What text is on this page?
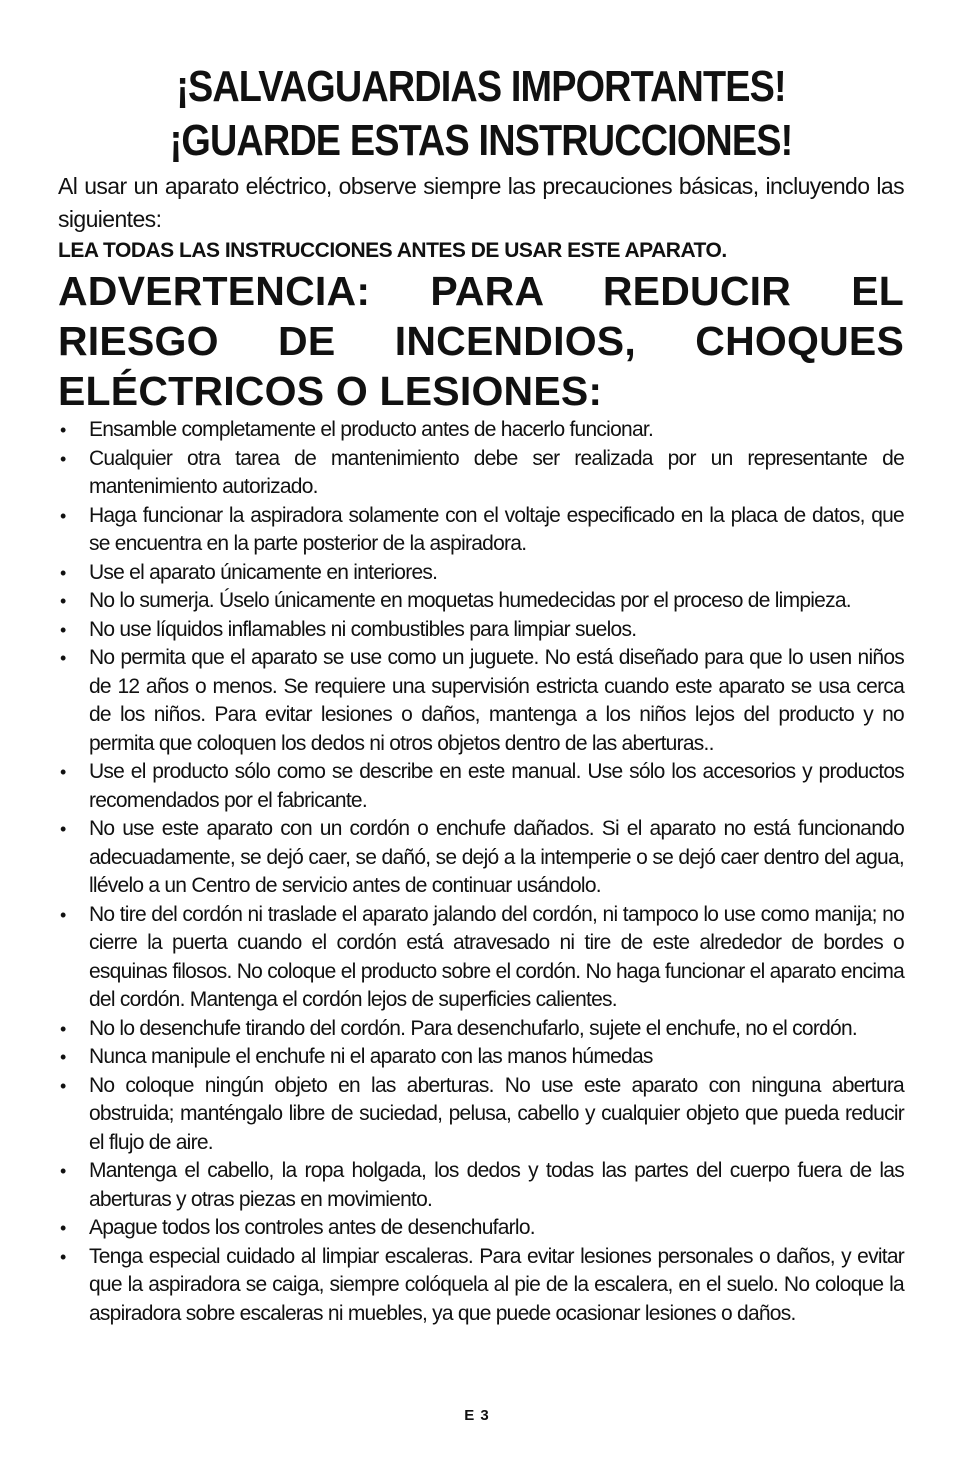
¡SALVAGUARDIAS IMPORTANTES!
¡GUARDE ESTAS INSTRUCCIONES!

Al usar un aparato eléctrico, observe siempre las precauciones básicas, incluyendo las siguientes:

LEA TODAS LAS INSTRUCCIONES ANTES DE USAR ESTE APARATO.

ADVERTENCIA: PARA REDUCIR EL RIESGO DE INCENDIOS, CHOQUES ELÉCTRICOS O LESIONES:

• Ensamble completamente el producto antes de hacerlo funcionar.
• Cualquier otra tarea de mantenimiento debe ser realizada por un representante de mantenimiento autorizado.
• Haga funcionar la aspiradora solamente con el voltaje especificado en la placa de datos, que se encuentra en la parte posterior de la aspiradora.
• Use el aparato únicamente en interiores.
• No lo sumerja. Úselo únicamente en moquetas humedecidas por el proceso de limpieza.
• No use líquidos inflamables ni combustibles para limpiar suelos.
• No permita que el aparato se use como un juguete. No está diseñado para que lo usen niños de 12 años o menos. Se requiere una supervisión estricta cuando este aparato se usa cerca de los niños. Para evitar lesiones o daños, mantenga a los niños lejos del producto y no permita que coloquen los dedos ni otros objetos dentro de las aberturas..
• Use el producto sólo como se describe en este manual. Use sólo los accesorios y productos recomendados por el fabricante.
• No use este aparato con un cordón o enchufe dañados. Si el aparato no está funcionando adecuadamente, se dejó caer, se dañó, se dejó a la intemperie o se dejó caer dentro del agua, llévelo a un Centro de servicio antes de continuar usándolo.
• No tire del cordón ni traslade el aparato jalando del cordón, ni tampoco lo use como manija; no cierre la puerta cuando el cordón está atravesado ni tire de este alrededor de bordes o esquinas filosos. No coloque el producto sobre el cordón. No haga funcionar el aparato encima del cordón. Mantenga el cordón lejos de superficies calientes.
• No lo desenchufe tirando del cordón. Para desenchufarlo, sujete el enchufe, no el cordón.
• Nunca manipule el enchufe ni el aparato con las manos húmedas
• No coloque ningún objeto en las aberturas. No use este aparato con ninguna abertura obstruida; manténgalo libre de suciedad, pelusa, cabello y cualquier objeto que pueda reducir el flujo de aire.
• Mantenga el cabello, la ropa holgada, los dedos y todas las partes del cuerpo fuera de las aberturas y otras piezas en movimiento.
• Apague todos los controles antes de desenchufarlo.
• Tenga especial cuidado al limpiar escaleras. Para evitar lesiones personales o daños, y evitar que la aspiradora se caiga, siempre colóquela al pie de la escalera, en el suelo. No coloque la aspiradora sobre escaleras ni muebles, ya que puede ocasionar lesiones o daños.
E 3
